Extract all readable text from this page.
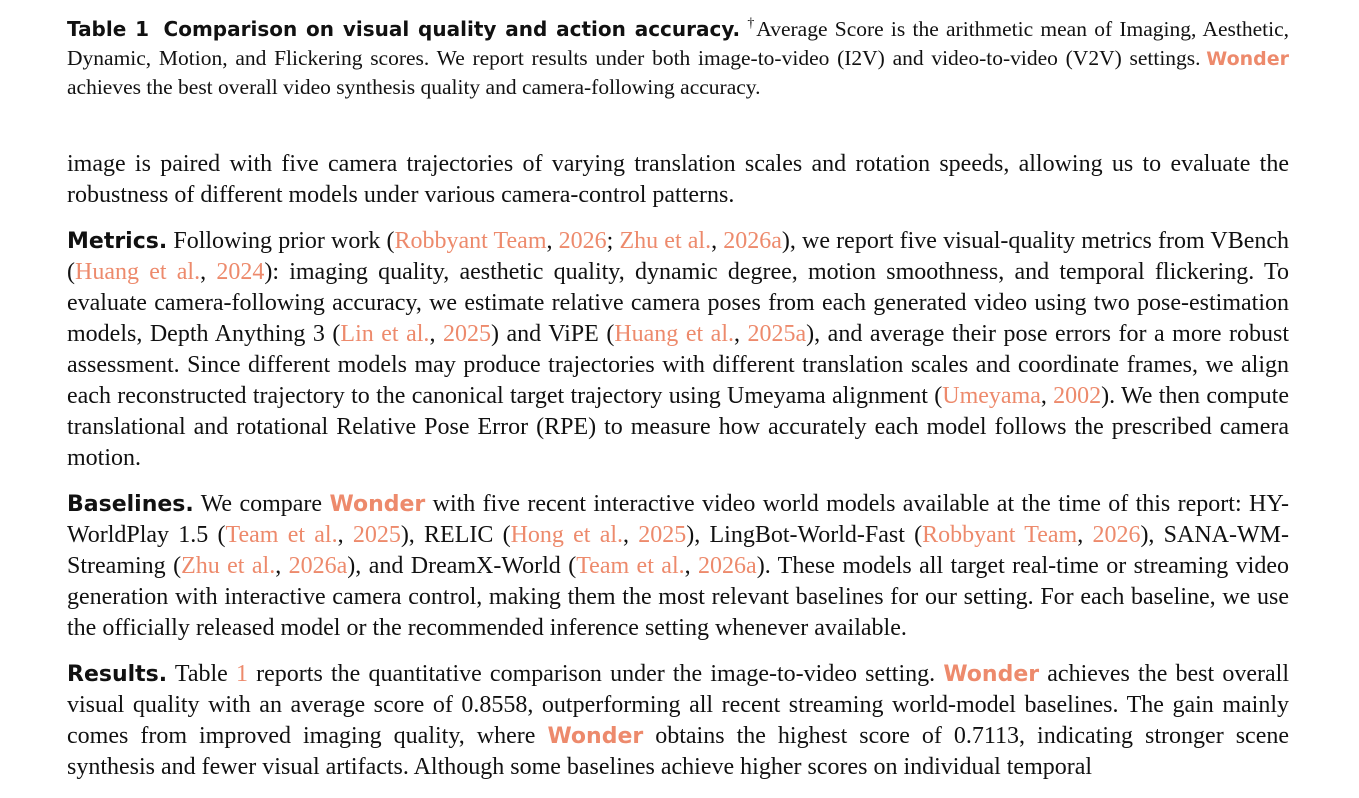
Table 1 Comparison on visual quality and action accuracy. †Average Score is the arithmetic mean of Imaging, Aesthetic, Dynamic, Motion, and Flickering scores. We report results under both image-to-video (I2V) and video-to-video (V2V) settings. Wonder achieves the best overall video synthesis quality and camera-following accuracy.

image is paired with five camera trajectories of varying translation scales and rotation speeds, allowing us to evaluate the robustness of different models under various camera-control patterns.

Metrics. Following prior work (Robbyant Team, 2026; Zhu et al., 2026a), we report five visual-quality metrics from VBench (Huang et al., 2024): imaging quality, aesthetic quality, dynamic degree, motion smoothness, and temporal flickering. To evaluate camera-following accuracy, we estimate relative camera poses from each generated video using two pose-estimation models, Depth Anything 3 (Lin et al., 2025) and ViPE (Huang et al., 2025a), and average their pose errors for a more robust assessment. Since different models may produce trajectories with different translation scales and coordinate frames, we align each reconstructed trajectory to the canonical target trajectory using Umeyama alignment (Umeyama, 2002). We then compute translational and rotational Relative Pose Error (RPE) to measure how accurately each model follows the prescribed camera motion.

Baselines. We compare Wonder with five recent interactive video world models available at the time of this report: HY-WorldPlay 1.5 (Team et al., 2025), RELIC (Hong et al., 2025), LingBot-World-Fast (Robbyant Team, 2026), SANA-WM-Streaming (Zhu et al., 2026a), and DreamX-World (Team et al., 2026a). These models all target real-time or streaming video generation with interactive camera control, making them the most relevant baselines for our setting. For each baseline, we use the officially released model or the recommended inference setting whenever available.

Results. Table 1 reports the quantitative comparison under the image-to-video setting. Wonder achieves the best overall visual quality with an average score of 0.8558, outperforming all recent streaming world-model baselines. The gain mainly comes from improved imaging quality, where Wonder obtains the highest score of 0.7113, indicating stronger scene synthesis and fewer visual artifacts. Although some baselines achieve higher scores on individual temporal
